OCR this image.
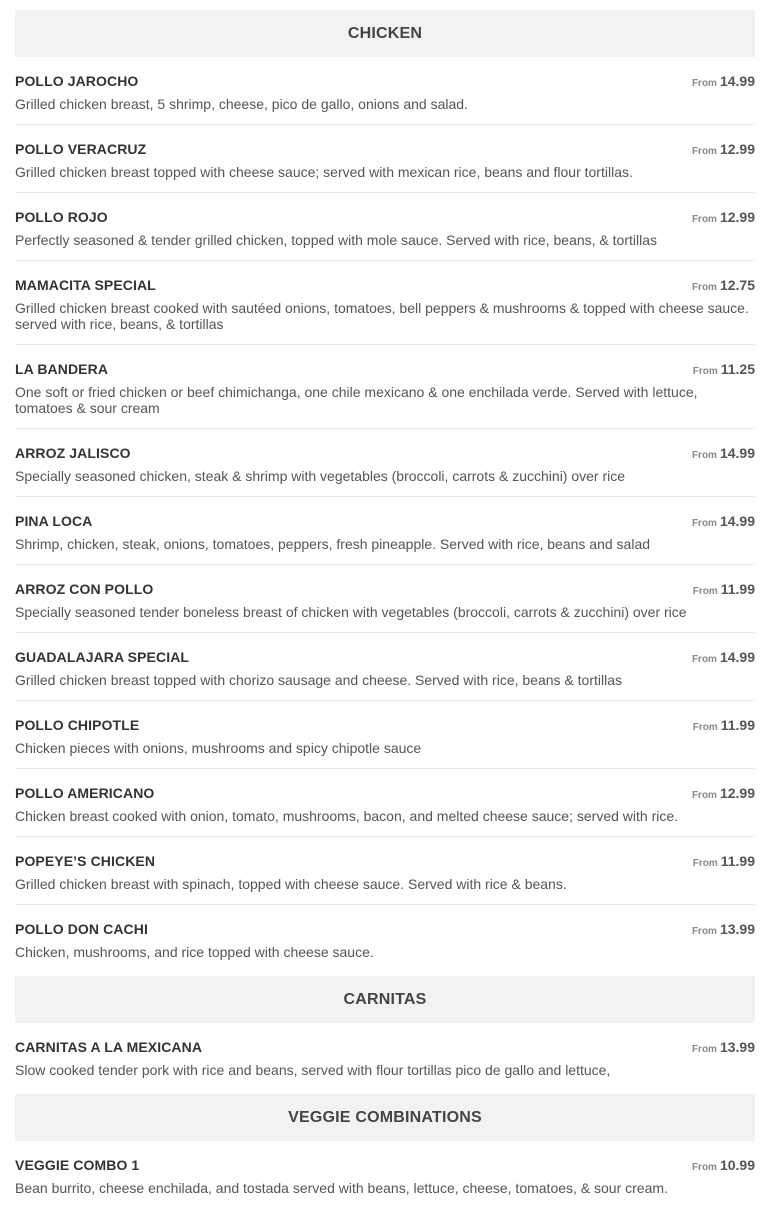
CHICKEN
POLLO JAROCHO	From 14.99
Grilled chicken breast, 5 shrimp, cheese, pico de gallo, onions and salad.
POLLO VERACRUZ	From 12.99
Grilled chicken breast topped with cheese sauce; served with mexican rice, beans and flour tortillas.
POLLO ROJO	From 12.99
Perfectly seasoned & tender grilled chicken, topped with mole sauce. Served with rice, beans, & tortillas
MAMACITA SPECIAL	From 12.75
Grilled chicken breast cooked with sautéed onions, tomatoes, bell peppers & mushrooms & topped with cheese sauce. served with rice, beans, & tortillas
LA BANDERA	From 11.25
One soft or fried chicken or beef chimichanga, one chile mexicano & one enchilada verde. Served with lettuce, tomatoes & sour cream
ARROZ JALISCO	From 14.99
Specially seasoned chicken, steak & shrimp with vegetables (broccoli, carrots & zucchini) over rice
PINA LOCA	From 14.99
Shrimp, chicken, steak, onions, tomatoes, peppers, fresh pineapple. Served with rice, beans and salad
ARROZ CON POLLO	From 11.99
Specially seasoned tender boneless breast of chicken with vegetables (broccoli, carrots & zucchini) over rice
GUADALAJARA SPECIAL	From 14.99
Grilled chicken breast topped with chorizo sausage and cheese. Served with rice, beans & tortillas
POLLO CHIPOTLE	From 11.99
Chicken pieces with onions, mushrooms and spicy chipotle sauce
POLLO AMERICANO	From 12.99
Chicken breast cooked with onion, tomato, mushrooms, bacon, and melted cheese sauce; served with rice.
POPEYE’S CHICKEN	From 11.99
Grilled chicken breast with spinach, topped with cheese sauce. Served with rice & beans.
POLLO DON CACHI	From 13.99
Chicken, mushrooms, and rice topped with cheese sauce.
CARNITAS
CARNITAS A LA MEXICANA	From 13.99
Slow cooked tender pork with rice and beans, served with flour tortillas pico de gallo and lettuce,
VEGGIE COMBINATIONS
VEGGIE COMBO 1	From 10.99
Bean burrito, cheese enchilada, and tostada served with beans, lettuce, cheese, tomatoes, & sour cream.
